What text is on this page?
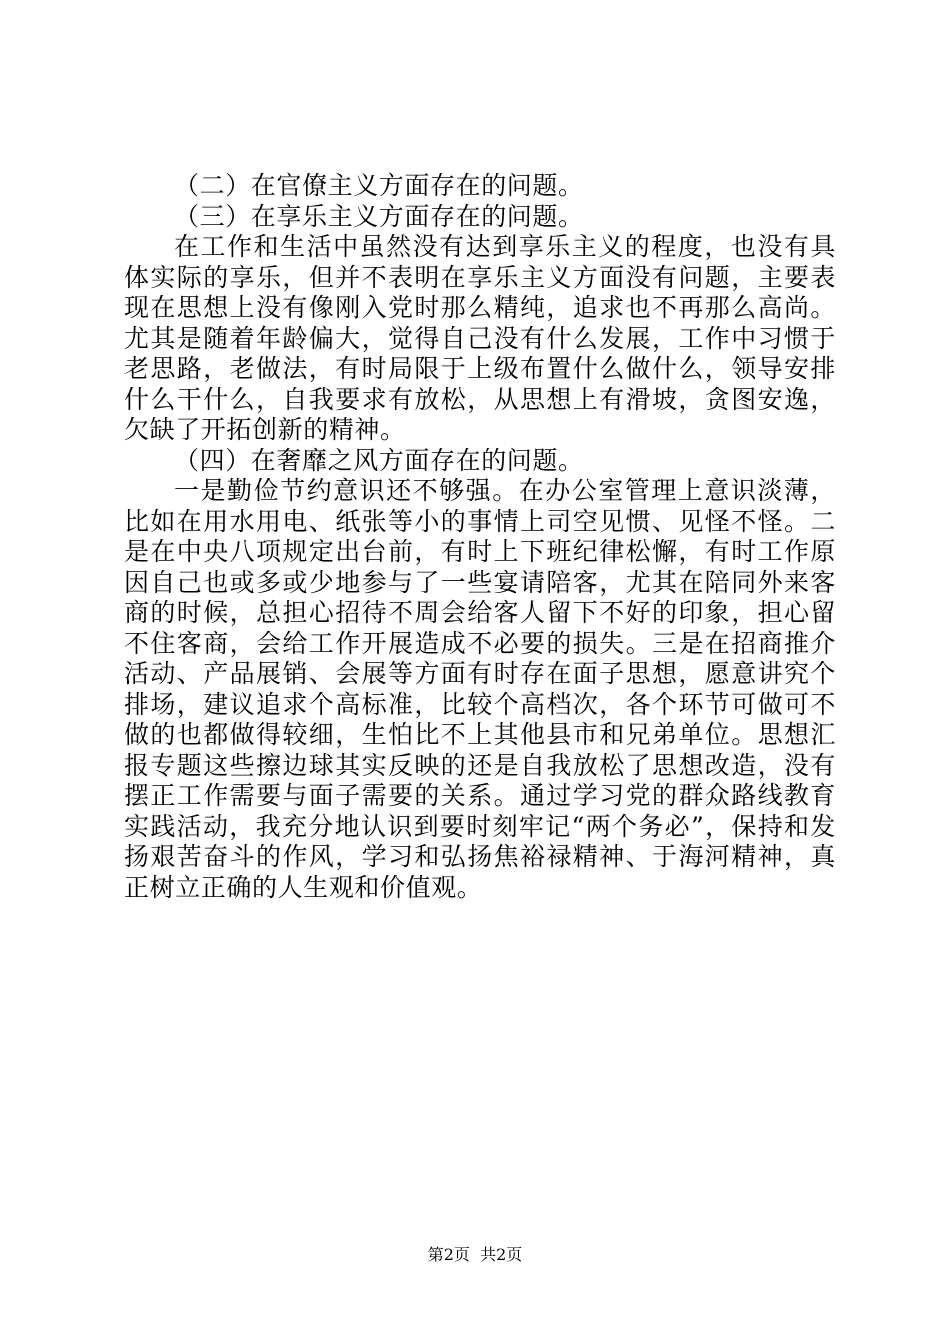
（二）在官僚主义方面存在的问题。

（三）在享乐主义方面存在的问题。

在工作和生活中虽然没有达到享乐主义的程度，也没有具体实际的享乐，但并不表明在享乐主义方面没有问题，主要表现在思想上没有像刚入党时那么精纯，追求也不再那么高尚。尤其是随着年龄偏大，觉得自己没有什么发展，工作中习惯于老思路，老做法，有时局限于上级布置什么做什么，领导安排什么干什么，自我要求有放松，从思想上有滑坡，贪图安逸，欠缺了开拓创新的精神。

（四）在奢靡之风方面存在的问题。

一是勤俭节约意识还不够强。在办公室管理上意识淡薄，比如在用水用电、纸张等小的事情上司空见惯、见怪不怪。二是在中央八项规定出台前，有时上下班纪律松懈，有时工作原因自己也或多或少地参与了一些宴请陪客，尤其在陪同外来客商的时候，总担心招待不周会给客人留下不好的印象，担心留不住客商，会给工作开展造成不必要的损失。三是在招商推介活动、产品展销、会展等方面有时存在面子思想，愿意讲究个排场，建议追求个高标准，比较个高档次，各个环节可做可不做的也都做得较细，生怕比不上其他县市和兄弟单位。思想汇报专题这些擦边球其实反映的还是自我放松了思想改造，没有摆正工作需要与面子需要的关系。通过学习党的群众路线教育实践活动，我充分地认识到要时刻牢记“两个务必”，保持和发扬艰苦奋斗的作风，学习和弘扬焦裕禄精神、于海河精神，真正树立正确的人生观和价值观。

第2页  共2页
